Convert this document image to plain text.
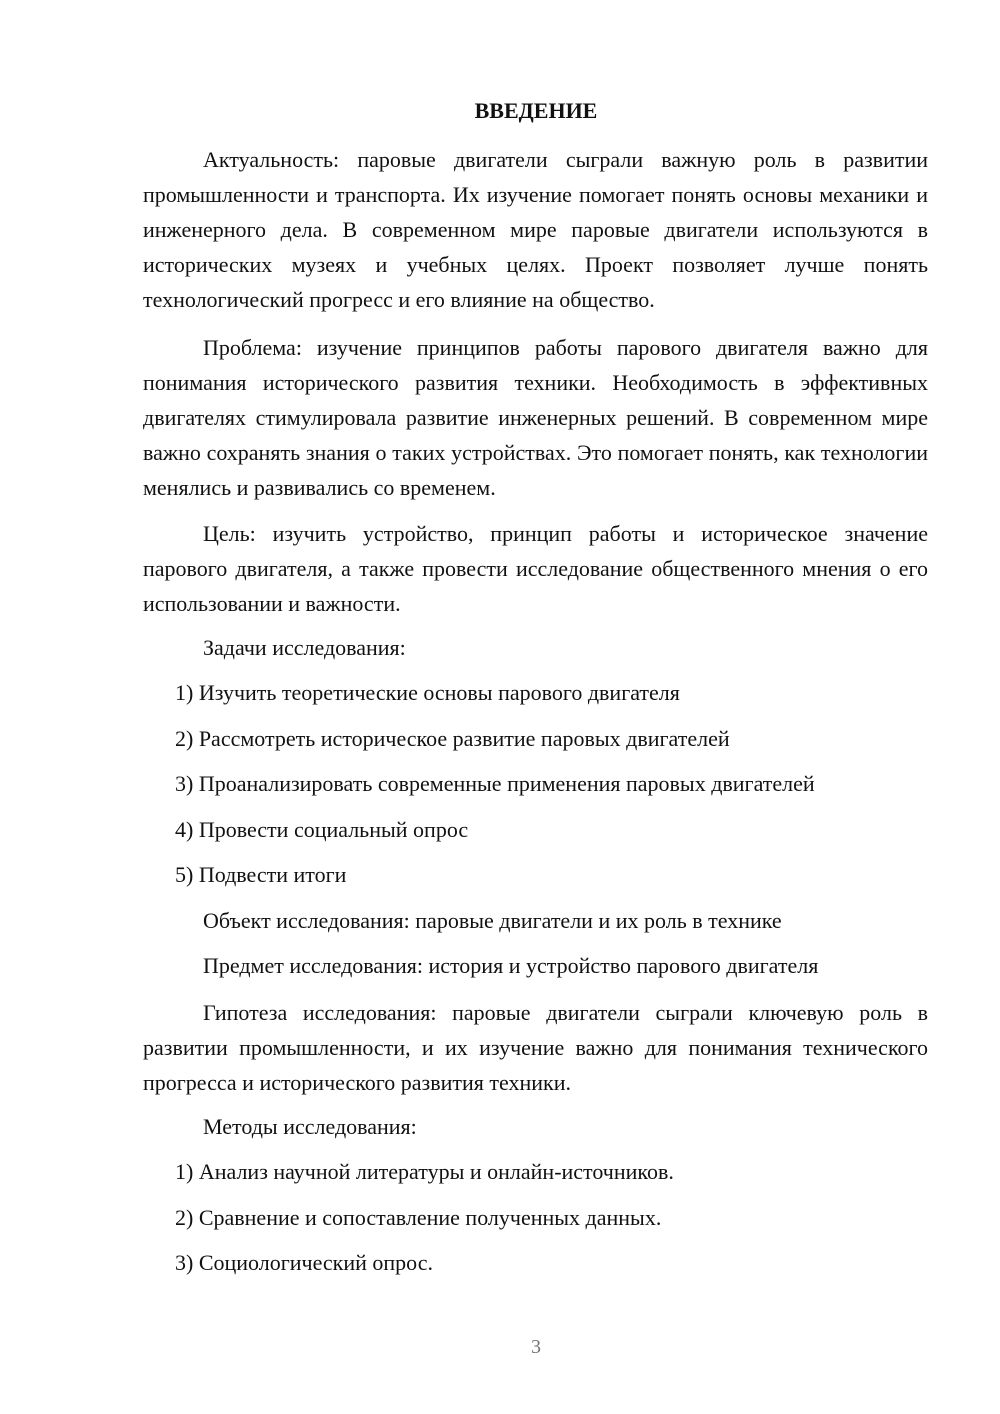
ВВЕДЕНИЕ
Актуальность: паровые двигатели сыграли важную роль в развитии промышленности и транспорта. Их изучение помогает понять основы механики и инженерного дела. В современном мире паровые двигатели используются в исторических музеях и учебных целях. Проект позволяет лучше понять технологический прогресс и его влияние на общество.
Проблема: изучение принципов работы парового двигателя важно для понимания исторического развития техники. Необходимость в эффективных двигателях стимулировала развитие инженерных решений. В современном мире важно сохранять знания о таких устройствах. Это помогает понять, как технологии менялись и развивались со временем.
Цель: изучить устройство, принцип работы и историческое значение парового двигателя, а также провести исследование общественного мнения о его использовании и важности.
Задачи исследования:
1) Изучить теоретические основы парового двигателя
2) Рассмотреть историческое развитие паровых двигателей
3) Проанализировать современные применения паровых двигателей
4) Провести социальный опрос
5) Подвести итоги
Объект исследования: паровые двигатели и их роль в технике
Предмет исследования: история и устройство парового двигателя
Гипотеза исследования: паровые двигатели сыграли ключевую роль в развитии промышленности, и их изучение важно для понимания технического прогресса и исторического развития техники.
Методы исследования:
1) Анализ научной литературы и онлайн-источников.
2) Сравнение и сопоставление полученных данных.
3) Социологический опрос.
3
